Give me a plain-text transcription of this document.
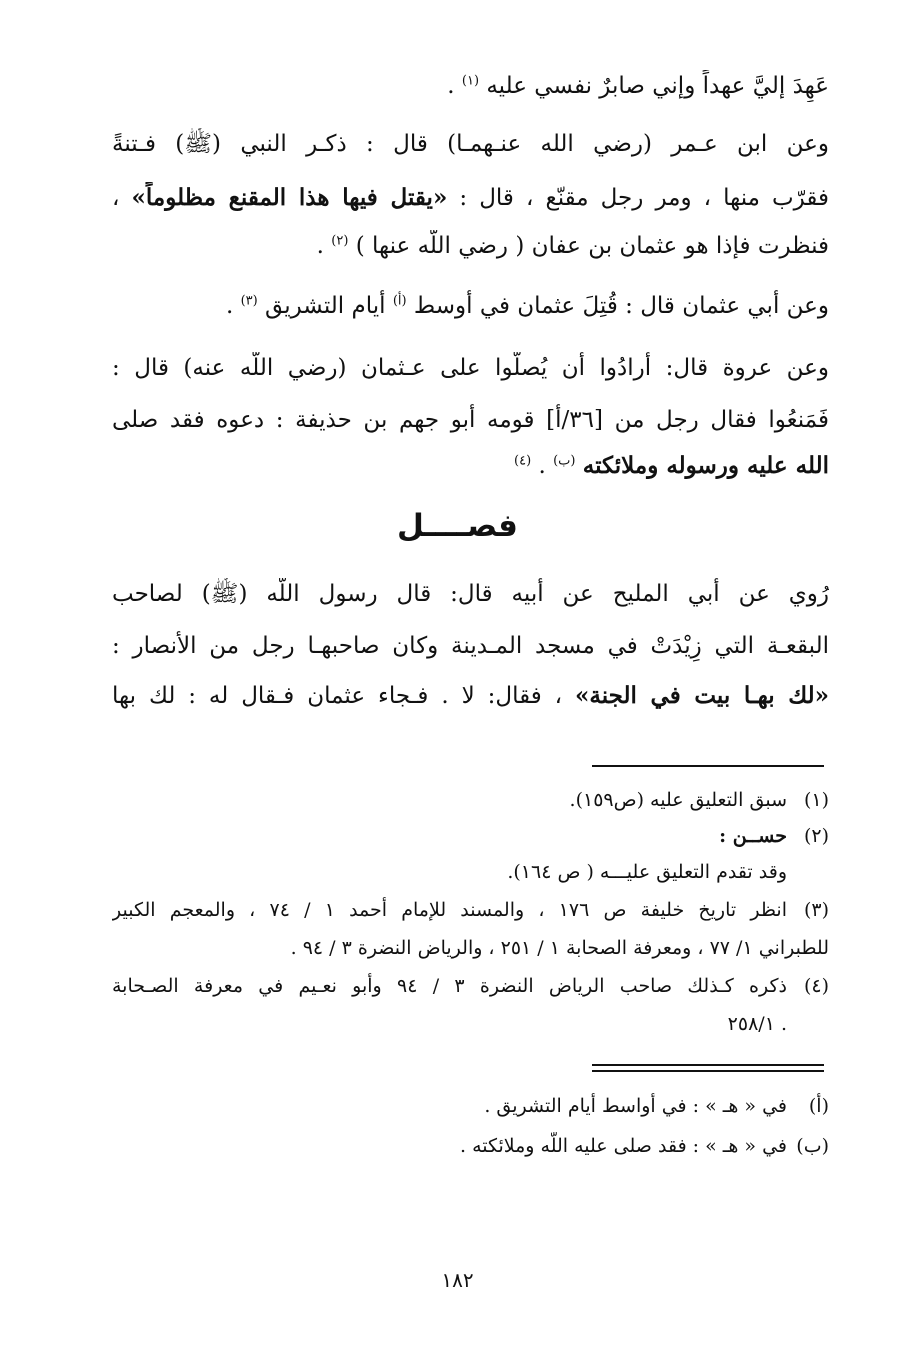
عَهِدَ إليَّ عهداً وإني صابرٌ نفسي عليه $^{(١)}$ .
وعن ابن عـمر (رضي الله عنـهمـا) قال : ذكـر النبي (ﷺ) فـتنةً
فقرّب منها ، ومر رجل مقنّع ، قال : «يقتل فيها هذا المقنع مظلوماً» ،
فنظرت فإذا هو عثمان بن عفان ( رضي اللّه عنها ) $^{(٢)}$ .
وعن أبي عثمان قال : قُتِلَ عثمان في أوسط $^{(أ)}$ أيام التشريق $^{(٣)}$ .
وعن عروة قال: أرادُوا أن يُصلُّوا على عـثمان (رضي اللّه عنه) قال :
فَمَنعُوا فقال رجل من [٣٦/أ] قومه أبو جهم بن حذيفة : دعوه فقد صلى
الله عليه ورسوله وملائكته $^{(ب)}$ . $^{(٤)}$
فصــــل
رُوي عن أبي المليح عن أبيه قال: قال رسول اللّه (ﷺ) لصاحب
البقعـة التي زِيْدَتْ في مسجد المـدينة وكان صاحبهـا رجل من الأنصار :
«لك بهـا بيت في الجنة» ، فقال: لا . فـجاء عثمان فـقال له : لك بها
(١)سبق التعليق عليه (ص١٥٩).
(٢)حســن :
وقد تقدم التعليق عليـــه ( ص ١٦٤).
(٣)انظر تاريخ خليفة ص ١٧٦ ، والمسند للإمام أحمد ١ / ٧٤ ، والمعجم الكبير
للطبراني ١/ ٧٧ ، ومعرفة الصحابة ١ / ٢٥١ ، والرياض النضرة ٣ / ٩٤ .
(٤)ذكره كـذلك صاحب الرياض النضرة ٣ / ٩٤ وأبو نعـيم في معرفة الصـحابة
. ٢٥٨/١
(أ)في « هـ » : في أواسط أيام التشريق .
(ب)في « هـ » : فقد صلى عليه اللّه وملائكته .
١٨٢
